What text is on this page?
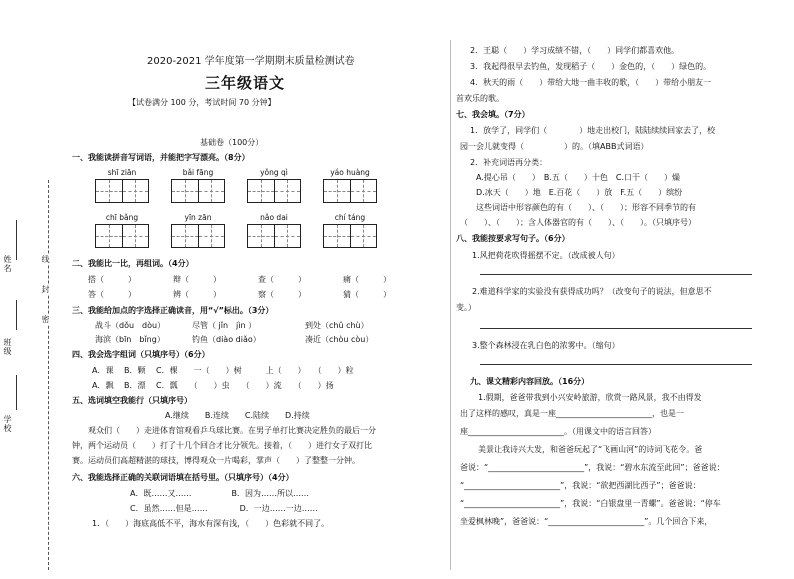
姓名
班级
学校
封
线
密
2020-2021 学年度第一学期期末质量检测试卷
三年级语文
【试卷满分 100 分，考试时间 70 分钟】
基础卷（100分）
一、我能读拼音写词语，并能把字写漂亮。（8分）
shī ziān	bǎi fāng	yǒng qì	yáo huàng
chī bǎng	yīn zān	nǎo dai	chí táng
二、我能比一比，再组词。（4分）
搭（　　　）	辩（　　　）	查（　　　）	痛（　　　）
答（　　　）	辨（　　　）	察（　　　）	猜（　　　）
三、我能给加点的字选择正确读音，用“√”标出。（3分）
战斗（dǒu　dòu）	尽管（ jǐn　jìn ）	到处（chǔ chù）
海滨（bīn　bǐng）	钓鱼（diào diǎo）	凑近（chòu còu）
四、我会选字组词（只填序号）（6分）
A．课　 B．颗　 C．棵　　一（　　）树　　　上（　　）　　（　　）粒
A．飘　 B．漂　 C．瓢　　（　　）虫　　（　　）流　　（　　）扬
五、选词填空我能行（只填序号）
A.继续　　B.连续　　C.陆续　　D.持续
观众们（　　）走进体育馆观看乒乓球比赛。在男子单打比赛决定胜负的最后一分
钟，两个运动员（　　）打了十几个回合才比分领先。接着，（　　）进行女子双打比
赛。运动员们高超精湛的球技，博得观众一片喝彩，掌声（　　）了整整一分钟。
六、我能选择正确的关联词语填在括号里。（只填序号）（4分）
A．既……又……　　　　　B．因为……所以……
C．虽然……但是……　　　　D．一边……一边……
1．（　　）海底高低不平，海水有深有浅，（　　）色彩就不同了。
2．王聪（　　）学习成绩不错，（　　）同学们都喜欢他。
3．我起得很早去钓鱼，发现稻子（　　）金色的，（　　）绿色的。
4．秋天的雨（　　）带给大地一曲丰收的歌，（　　）带给小朋友一
首欢乐的歌。
七、我会填。（7分）
1．放学了，同学们（　　　　）地走出校门，陆陆续续回家去了，校
园一会儿就变得（　　　　　）的。（填ABB式词语）
2．补充词语再分类：
A.提心吊（　　）　B.五（　　）十色　C.口干（　　）燥
D.冰天（　　）地　E.百花（　　）放　F.五（　　）缤纷
这些词语中形容颜色的有（　　）、（　　）；形容不同季节的有
（　　）、（　　）；含人体器官的有（　　）、（　　）。（只填序号）
八、我能按要求写句子。（6分）
1.风把荷花吹得摇摆不定。（改成被人句）
2.难道科学家的实验没有获得成功吗？（改变句子的说法，但意思不
变。）
3.整个森林浸在乳白色的浓雾中。（缩句）
九、课文精彩内容回放。（16分）
1.假期，爸爸带我到小兴安岭旅游，欣赏一路风景，我不由得发
出了这样的感叹，真是一座________________________，也是一
座________________________。（用课文中的语言回答）
美景让我诗兴大发，和爸爸玩起了“飞画山河”的诗词飞花令。爸
爸说：“________________________”，我说：“碧水东流至此回”；爸爸说：
“________________________”，我说：“欲把西湖比西子”；爸爸说：
“________________________”，我说：“白银盘里一青螺”。爸爸说：“停车
坐爱枫林晚”，爸爸说：“________________________”。几个回合下来，
